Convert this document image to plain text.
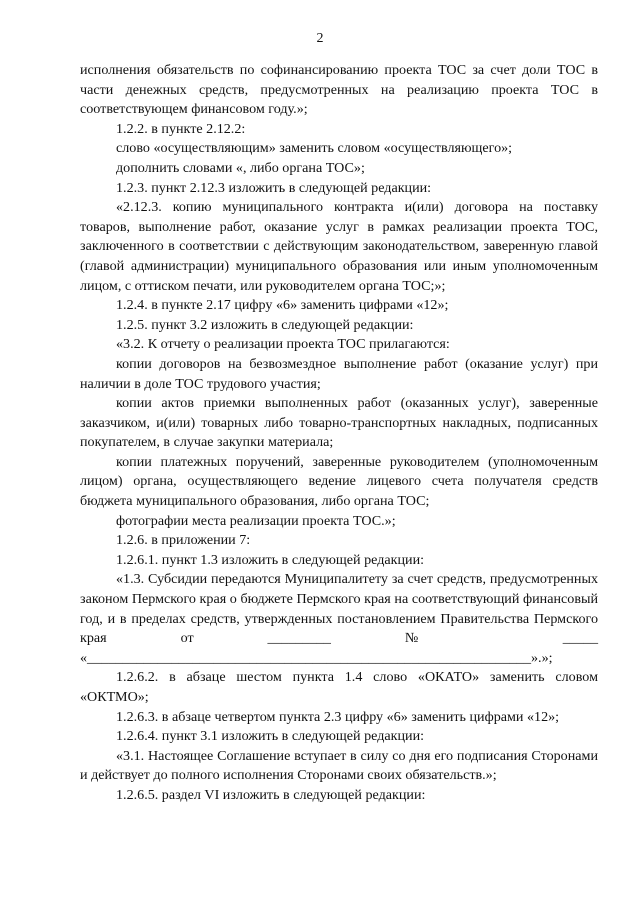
2

исполнения обязательств по софинансированию проекта ТОС за счет доли ТОС в части денежных средств, предусмотренных на реализацию проекта ТОС в соответствующем финансовом году.»;

1.2.2. в пункте 2.12.2:

слово «осуществляющим» заменить словом «осуществляющего»;

дополнить словами «, либо органа ТОС»;

1.2.3. пункт 2.12.3 изложить в следующей редакции:

«2.12.3. копию муниципального контракта и(или) договора на поставку товаров, выполнение работ, оказание услуг в рамках реализации проекта ТОС, заключенного в соответствии с действующим законодательством, заверенную главой (главой администрации) муниципального образования или иным уполномоченным лицом, с оттиском печати, или руководителем органа ТОС;»;

1.2.4. в пункте 2.17 цифру «6» заменить цифрами «12»;

1.2.5. пункт 3.2 изложить в следующей редакции:

«3.2. К отчету о реализации проекта ТОС прилагаются:

копии договоров на безвозмездное выполнение работ (оказание услуг) при наличии в доле ТОС трудового участия;

копии актов приемки выполненных работ (оказанных услуг), заверенные заказчиком, и(или) товарных либо товарно-транспортных накладных, подписанных покупателем, в случае закупки материала;

копии платежных поручений, заверенные руководителем (уполномоченным лицом) органа, осуществляющего ведение лицевого счета получателя средств бюджета муниципального образования, либо органа ТОС;

фотографии места реализации проекта ТОС.»;

1.2.6. в приложении 7:

1.2.6.1. пункт 1.3 изложить в следующей редакции:

«1.3. Субсидии передаются Муниципалитету за счет средств, предусмотренных законом Пермского края о бюджете Пермского края на соответствующий финансовый год, и в пределах средств, утвержденных постановлением Правительства Пермского края от _________ № _____

«_______________________________________________________________».»;

1.2.6.2. в абзаце шестом пункта 1.4 слово «ОКАТО» заменить словом «ОКТМО»;

1.2.6.3. в абзаце четвертом пункта 2.3 цифру «6» заменить цифрами «12»;

1.2.6.4. пункт 3.1 изложить в следующей редакции:

«3.1. Настоящее Соглашение вступает в силу со дня его подписания Сторонами и действует до полного исполнения Сторонами своих обязательств.»;

1.2.6.5. раздел VI изложить в следующей редакции:
